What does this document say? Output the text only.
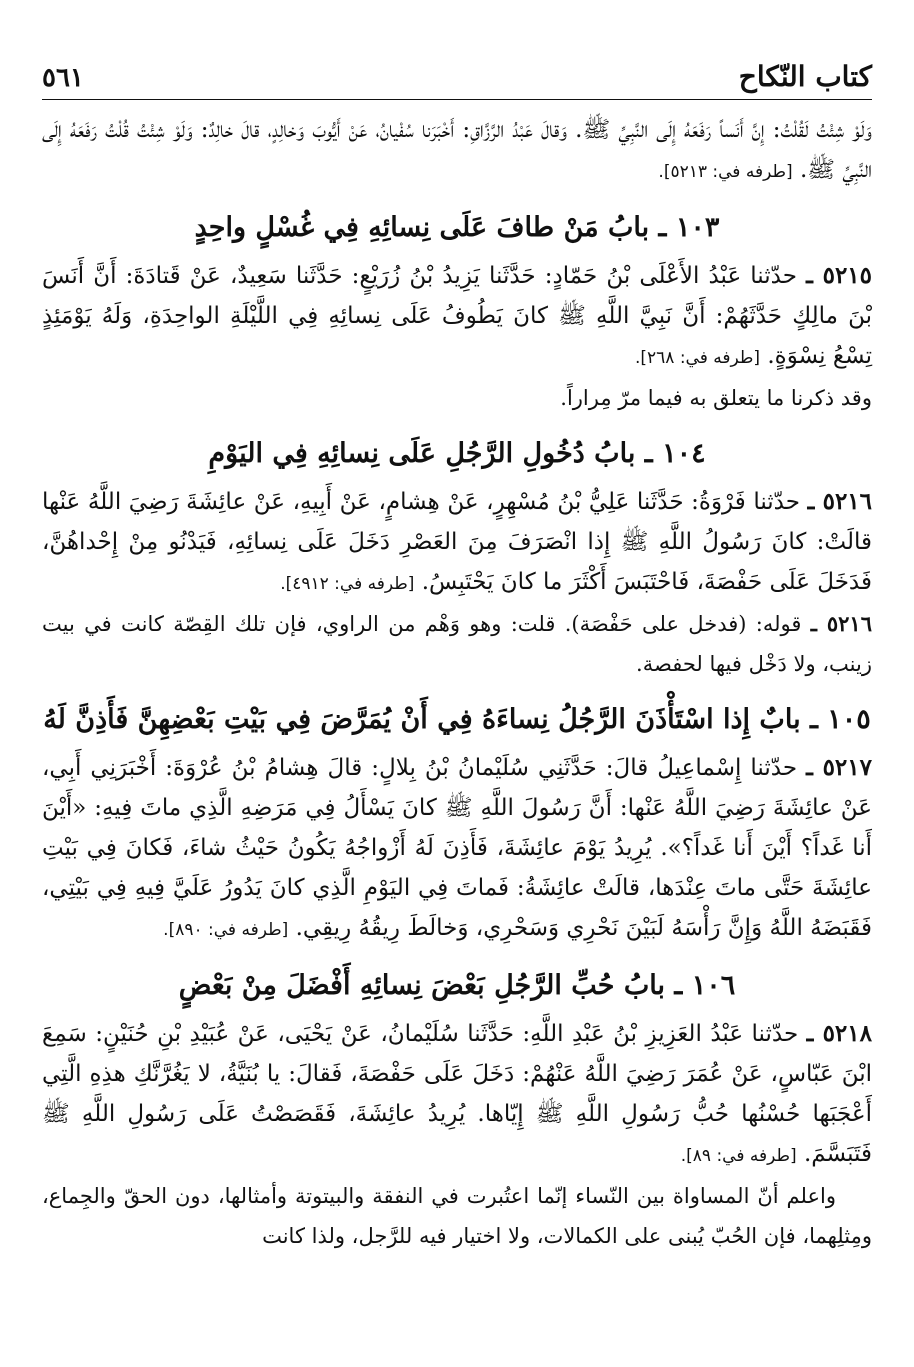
كتاب النّكاح
٥٦١

وَلَوْ شِئْتُ لَقُلْتُ: إِنَّ أَنَساً رَفَعَهُ إِلَى النَّبِيِّ ﷺ. وَقالَ عَبْدُ الرَّزَّاقِ: أَخْبَرَنا سُفْيانُ، عَنْ أَيُّوبَ وَخالِدٍ، قالَ خالِدٌ: وَلَوْ شِئْتُ قُلْتُ رَفَعَهُ إِلَى النَّبِيِّ ﷺ. [طرفه في: ٥٢١٣].

١٠٣ ـ بابُ مَنْ طافَ عَلَى نِسائِهِ فِي غُسْلٍ واحِدٍ

٥٢١٥ ـ حدّثنا عَبْدُ الأَعْلَى بْنُ حَمّادٍ: حَدَّثَنا يَزِيدُ بْنُ زُرَيْعٍ: حَدَّثَنا سَعِيدٌ، عَنْ قَتادَةَ: أَنَّ أَنَسَ بْنَ مالِكٍ حَدَّثَهُمْ: أَنَّ نَبِيَّ اللَّهِ ﷺ كانَ يَطُوفُ عَلَى نِسائِهِ فِي اللَّيْلَةِ الواحِدَةِ، وَلَهُ يَوْمَئِذٍ تِسْعُ نِسْوَةٍ. [طرفه في: ٢٦٨].

وقد ذكرنا ما يتعلق به فيما مرّ مِراراً.

١٠٤ ـ بابُ دُخُولِ الرَّجُلِ عَلَى نِسائِهِ فِي اليَوْمِ

٥٢١٦ ـ حدّثنا فَرْوَةُ: حَدَّثَنا عَلِيُّ بْنُ مُسْهِرٍ، عَنْ هِشامٍ، عَنْ أَبِيهِ، عَنْ عائِشَةَ رَضِيَ اللَّهُ عَنْها قالَتْ: كانَ رَسُولُ اللَّهِ ﷺ إِذا انْصَرَفَ مِنَ العَصْرِ دَخَلَ عَلَى نِسائِهِ، فَيَدْنُو مِنْ إِحْداهُنَّ، فَدَخَلَ عَلَى حَفْصَةَ، فَاحْتَبَسَ أَكْثَرَ ما كانَ يَحْتَبِسُ. [طرفه في: ٤٩١٢].

٥٢١٦ ـ قوله: (فدخل على حَفْصَة). قلت: وهو وَهْم من الراوي، فإن تلك القِصّة كانت في بيت زينب، ولا دَخْل فيها لحفصة.

١٠٥ ـ بابٌ إِذا اسْتَأْذَنَ الرَّجُلُ نِساءَهُ فِي أَنْ يُمَرَّضَ فِي بَيْتِ بَعْضِهِنَّ فَأَذِنَّ لَهُ

٥٢١٧ ـ حدّثنا إِسْماعِيلُ قالَ: حَدَّثَنِي سُلَيْمانُ بْنُ بِلالٍ: قالَ هِشامُ بْنُ عُرْوَةَ: أَخْبَرَنِي أَبِي، عَنْ عائِشَةَ رَضِيَ اللَّهُ عَنْها: أَنَّ رَسُولَ اللَّهِ ﷺ كانَ يَسْأَلُ فِي مَرَضِهِ الَّذِي ماتَ فِيهِ: «أَيْنَ أَنا غَداً؟ أَيْنَ أَنا غَداً؟». يُرِيدُ يَوْمَ عائِشَةَ، فَأَذِنَ لَهُ أَزْواجُهُ يَكُونُ حَيْثُ شاءَ، فَكانَ فِي بَيْتِ عائِشَةَ حَتَّى ماتَ عِنْدَها، قالَتْ عائِشَةُ: فَماتَ فِي اليَوْمِ الَّذِي كانَ يَدُورُ عَلَيَّ فِيهِ فِي بَيْتِي، فَقَبَضَهُ اللَّهُ وَإِنَّ رَأْسَهُ لَبَيْنَ نَحْرِي وَسَحْرِي، وَخالَطَ رِيقُهُ رِيقِي. [طرفه في: ٨٩٠].

١٠٦ ـ بابُ حُبِّ الرَّجُلِ بَعْضَ نِسائِهِ أَفْضَلَ مِنْ بَعْضٍ

٥٢١٨ ـ حدّثنا عَبْدُ العَزِيزِ بْنُ عَبْدِ اللَّهِ: حَدَّثَنا سُلَيْمانُ، عَنْ يَحْيَى، عَنْ عُبَيْدِ بْنِ حُنَيْنٍ: سَمِعَ ابْنَ عَبّاسٍ، عَنْ عُمَرَ رَضِيَ اللَّهُ عَنْهُمْ: دَخَلَ عَلَى حَفْصَةَ، فَقالَ: يا بُنَيَّةُ، لا يَغُرَّنَّكِ هذِهِ الَّتِي أَعْجَبَها حُسْنُها حُبُّ رَسُولِ اللَّهِ ﷺ إِيّاها. يُرِيدُ عائِشَةَ، فَقَصَصْتُ عَلَى رَسُولِ اللَّهِ ﷺ فَتَبَسَّمَ. [طرفه في: ٨٩].

واعلم أنّ المساواة بين النّساء إنّما اعتُبرت في النفقة والبيتوتة وأمثالها، دون الحقّ والجِماع، ومِثلِهما، فإن الحُبّ يُبنى على الكمالات، ولا اختيار فيه للرَّجل، ولذا كانت
